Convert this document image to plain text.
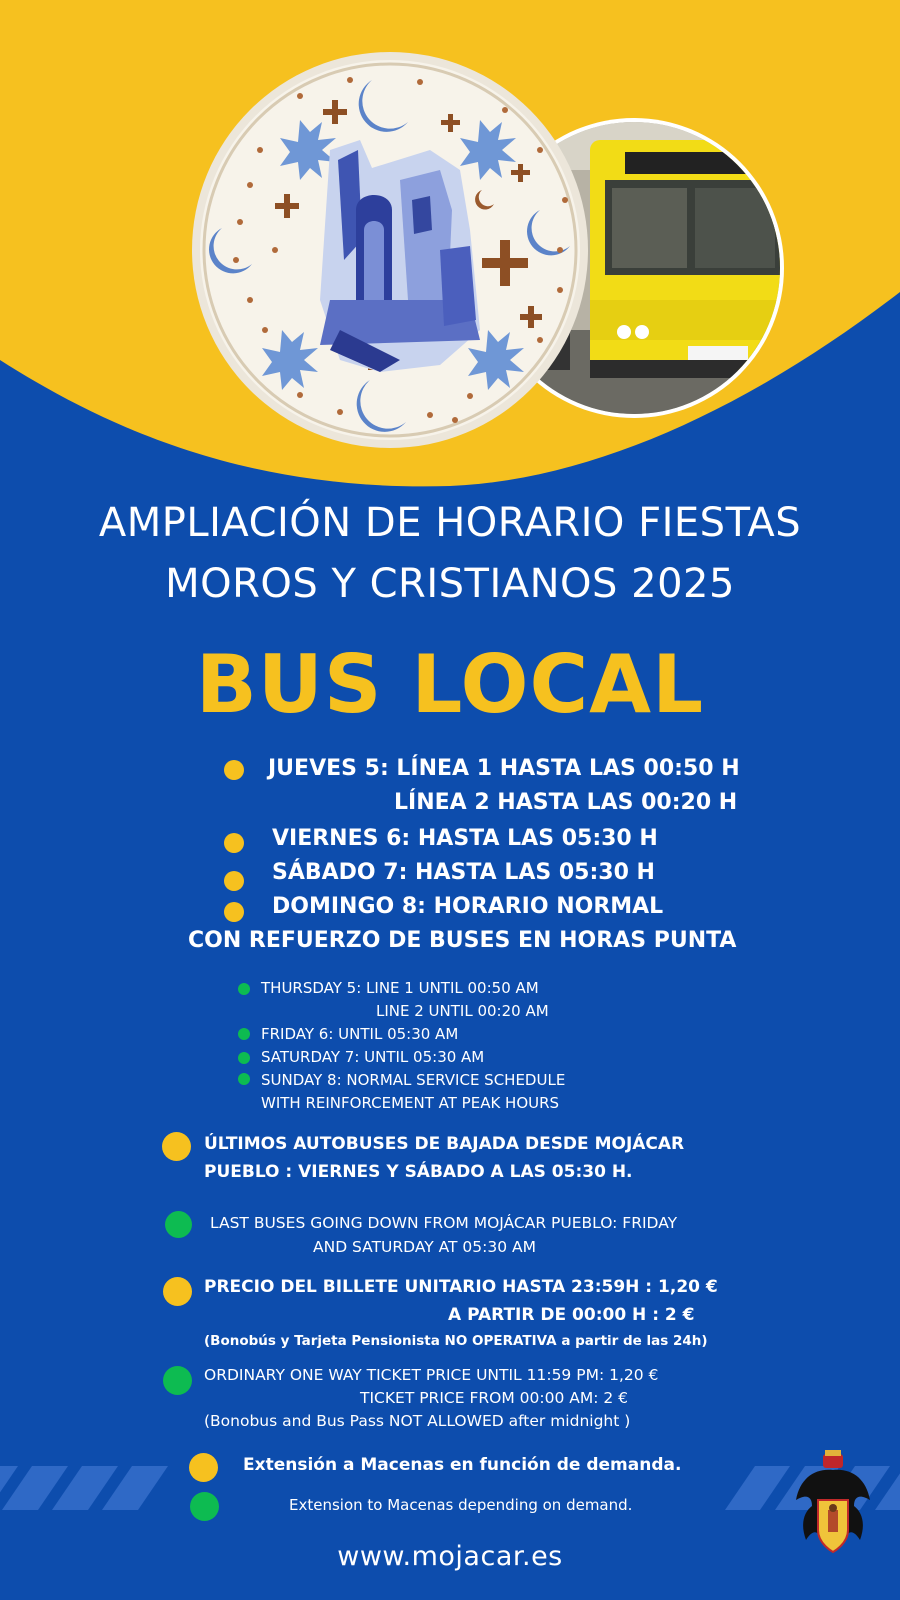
AMPLIACIÓN DE HORARIO FIESTAS
MOROS Y CRISTIANOS 2025
BUS LOCAL
JUEVES 5: LÍNEA 1 HASTA LAS 00:50 H
LÍNEA 2 HASTA LAS 00:20 H
VIERNES 6: HASTA LAS 05:30 H
SÁBADO 7: HASTA LAS 05:30 H
DOMINGO 8: HORARIO NORMAL
CON REFUERZO DE BUSES EN HORAS PUNTA
THURSDAY 5: LINE 1 UNTIL 00:50 AM
LINE 2 UNTIL 00:20 AM
FRIDAY 6: UNTIL 05:30 AM
SATURDAY 7: UNTIL 05:30 AM
SUNDAY 8: NORMAL SERVICE SCHEDULE
WITH REINFORCEMENT AT PEAK HOURS
ÚLTIMOS AUTOBUSES DE BAJADA DESDE MOJÁCAR
PUEBLO : VIERNES Y SÁBADO A LAS 05:30 H.
LAST BUSES GOING DOWN FROM MOJÁCAR PUEBLO: FRIDAY
AND SATURDAY AT 05:30 AM
PRECIO DEL BILLETE UNITARIO HASTA 23:59H : 1,20 €
A PARTIR DE 00:00 H : 2 €
(Bonobús y Tarjeta Pensionista NO OPERATIVA a partir de las 24h)
ORDINARY ONE WAY TICKET PRICE UNTIL 11:59 PM: 1,20 €
TICKET PRICE FROM 00:00 AM: 2 €
(Bonobus and Bus Pass NOT ALLOWED after midnight )
Extensión a Macenas en función de demanda.
Extension to Macenas depending on demand.
www.mojacar.es
